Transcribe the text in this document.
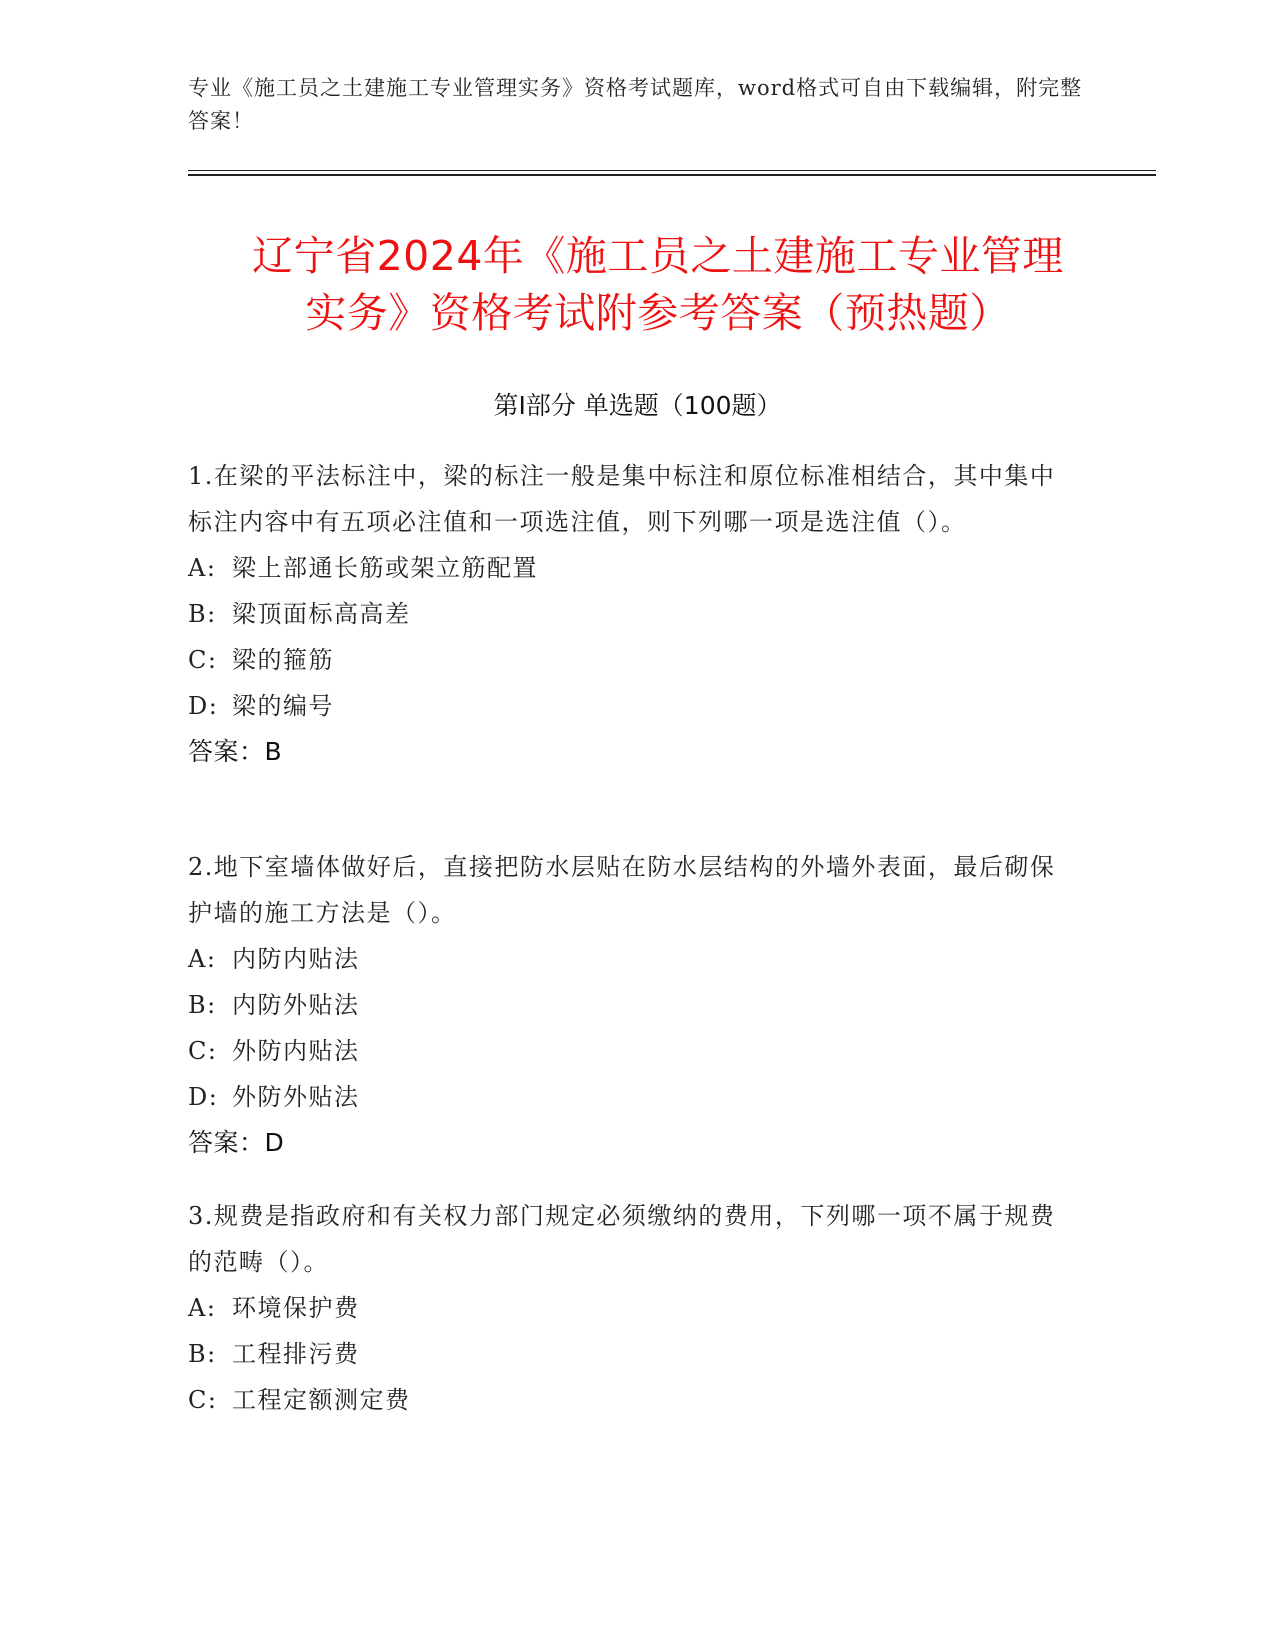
专业《施工员之土建施工专业管理实务》资格考试题库，word格式可自由下载编辑，附完整答案！
辽宁省2024年《施工员之土建施工专业管理
实务》资格考试附参考答案（预热题）
第I部分 单选题（100题）

1.在梁的平法标注中，梁的标注一般是集中标注和原位标准相结合，其中集中标注内容中有五项必注值和一项选注值，则下列哪一项是选注值（）。

A: 梁上部通长筋或架立筋配置

B: 梁顶面标高高差

C: 梁的箍筋

D: 梁的编号

答案：B

2.地下室墙体做好后，直接把防水层贴在防水层结构的外墙外表面，最后砌保护墙的施工方法是（）。

A: 内防内贴法

B: 内防外贴法

C: 外防内贴法

D: 外防外贴法

答案：D

3.规费是指政府和有关权力部门规定必须缴纳的费用，下列哪一项不属于规费的范畴（）。

A: 环境保护费

B: 工程排污费

C: 工程定额测定费
